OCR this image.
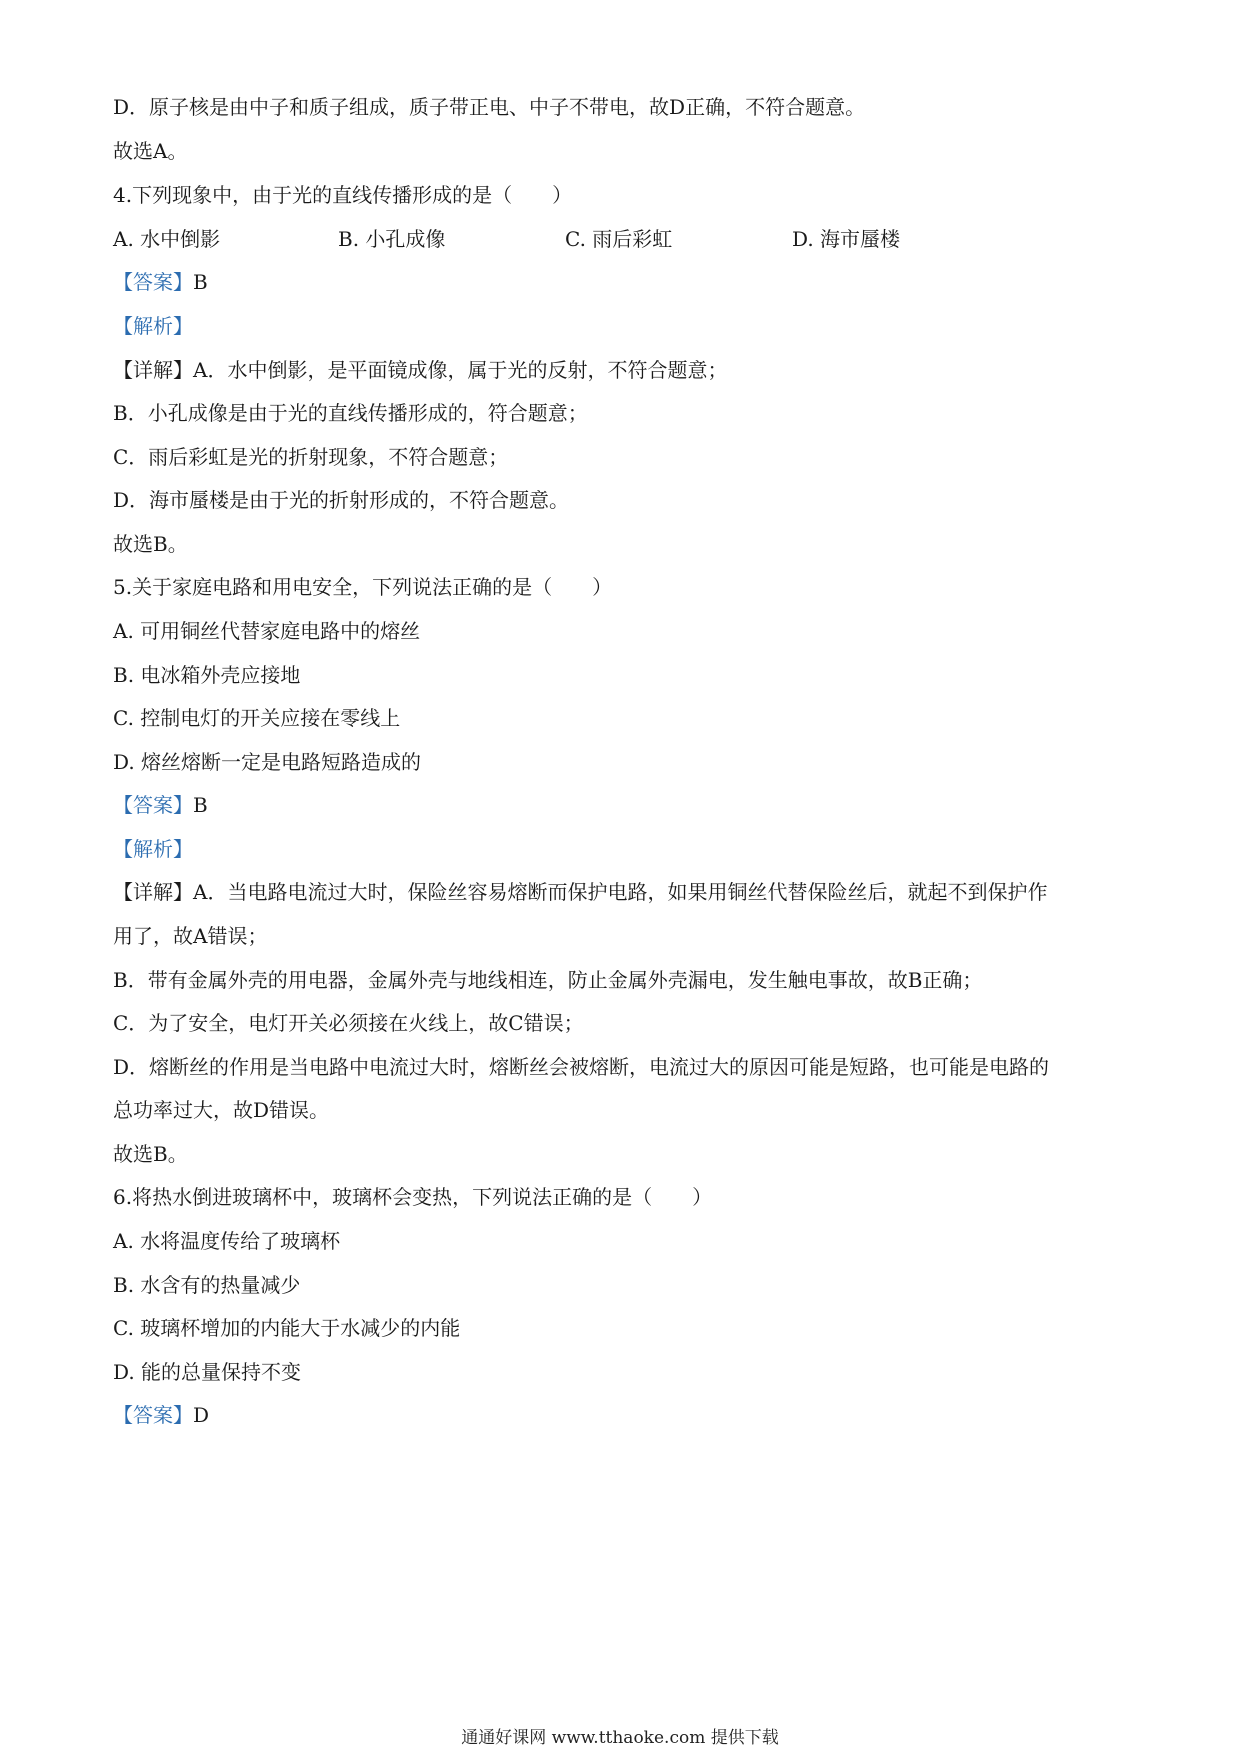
D．原子核是由中子和质子组成，质子带正电、中子不带电，故D正确，不符合题意。
故选A。
4.下列现象中，由于光的直线传播形成的是（　　）
A. 水中倒影	B. 小孔成像	C. 雨后彩虹	D. 海市蜃楼
【答案】B
【解析】
【详解】A．水中倒影，是平面镜成像，属于光的反射，不符合题意；
B．小孔成像是由于光的直线传播形成的，符合题意；
C．雨后彩虹是光的折射现象，不符合题意；
D．海市蜃楼是由于光的折射形成的，不符合题意。
故选B。
5.关于家庭电路和用电安全，下列说法正确的是（　　）
A. 可用铜丝代替家庭电路中的熔丝
B. 电冰箱外壳应接地
C. 控制电灯的开关应接在零线上
D. 熔丝熔断一定是电路短路造成的
【答案】B
【解析】
【详解】A．当电路电流过大时，保险丝容易熔断而保护电路，如果用铜丝代替保险丝后，就起不到保护作
用了，故A错误；
B．带有金属外壳的用电器，金属外壳与地线相连，防止金属外壳漏电，发生触电事故，故B正确；
C．为了安全，电灯开关必须接在火线上，故C错误；
D．熔断丝的作用是当电路中电流过大时，熔断丝会被熔断，电流过大的原因可能是短路，也可能是电路的
总功率过大，故D错误。
故选B。
6.将热水倒进玻璃杯中，玻璃杯会变热，下列说法正确的是（　　）
A. 水将温度传给了玻璃杯
B. 水含有的热量减少
C. 玻璃杯增加的内能大于水减少的内能
D. 能的总量保持不变
【答案】D
通通好课网 www.tthaoke.com 提供下载
